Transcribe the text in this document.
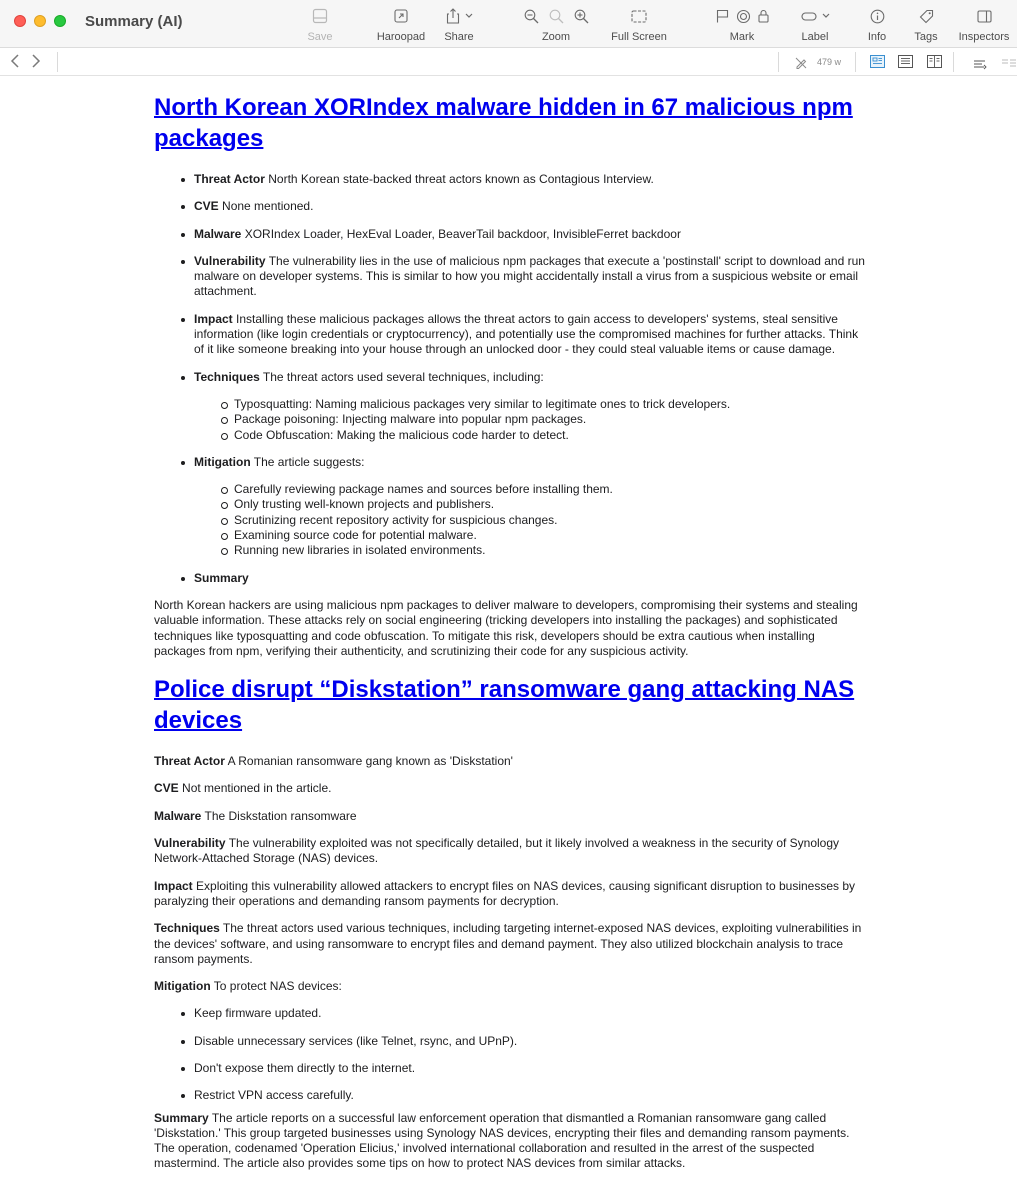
Summary (AI)
Save	Haroopad	Share	Zoom	Full Screen	Mark	Label	Info	Tags	Inspectors
479 w
North Korean XORIndex malware hidden in 67 malicious npm packages
Threat Actor North Korean state-backed threat actors known as Contagious Interview.
CVE None mentioned.
Malware XORIndex Loader, HexEval Loader, BeaverTail backdoor, InvisibleFerret backdoor
Vulnerability The vulnerability lies in the use of malicious npm packages that execute a 'postinstall' script to download and run malware on developer systems. This is similar to how you might accidentally install a virus from a suspicious website or email attachment.
Impact Installing these malicious packages allows the threat actors to gain access to developers' systems, steal sensitive information (like login credentials or cryptocurrency), and potentially use the compromised machines for further attacks. Think of it like someone breaking into your house through an unlocked door - they could steal valuable items or cause damage.
Techniques The threat actors used several techniques, including:
Typosquatting: Naming malicious packages very similar to legitimate ones to trick developers.
Package poisoning: Injecting malware into popular npm packages.
Code Obfuscation: Making the malicious code harder to detect.
Mitigation The article suggests:
Carefully reviewing package names and sources before installing them.
Only trusting well-known projects and publishers.
Scrutinizing recent repository activity for suspicious changes.
Examining source code for potential malware.
Running new libraries in isolated environments.
Summary

North Korean hackers are using malicious npm packages to deliver malware to developers, compromising their systems and stealing valuable information. These attacks rely on social engineering (tricking developers into installing the packages) and sophisticated techniques like typosquatting and code obfuscation. To mitigate this risk, developers should be extra cautious when installing packages from npm, verifying their authenticity, and scrutinizing their code for any suspicious activity.

Police disrupt “Diskstation” ransomware gang attacking NAS devices

Threat Actor A Romanian ransomware gang known as 'Diskstation'

CVE Not mentioned in the article.

Malware The Diskstation ransomware

Vulnerability The vulnerability exploited was not specifically detailed, but it likely involved a weakness in the security of Synology Network-Attached Storage (NAS) devices.

Impact Exploiting this vulnerability allowed attackers to encrypt files on NAS devices, causing significant disruption to businesses by paralyzing their operations and demanding ransom payments for decryption.

Techniques The threat actors used various techniques, including targeting internet-exposed NAS devices, exploiting vulnerabilities in the devices' software, and using ransomware to encrypt files and demand payment. They also utilized blockchain analysis to trace ransom payments.

Mitigation To protect NAS devices:

Keep firmware updated.
Disable unnecessary services (like Telnet, rsync, and UPnP).
Don't expose them directly to the internet.
Restrict VPN access carefully.

Summary The article reports on a successful law enforcement operation that dismantled a Romanian ransomware gang called 'Diskstation.' This group targeted businesses using Synology NAS devices, encrypting their files and demanding ransom payments. The operation, codenamed 'Operation Elicius,' involved international collaboration and resulted in the arrest of the suspected mastermind. The article also provides some tips on how to protect NAS devices from similar attacks.
